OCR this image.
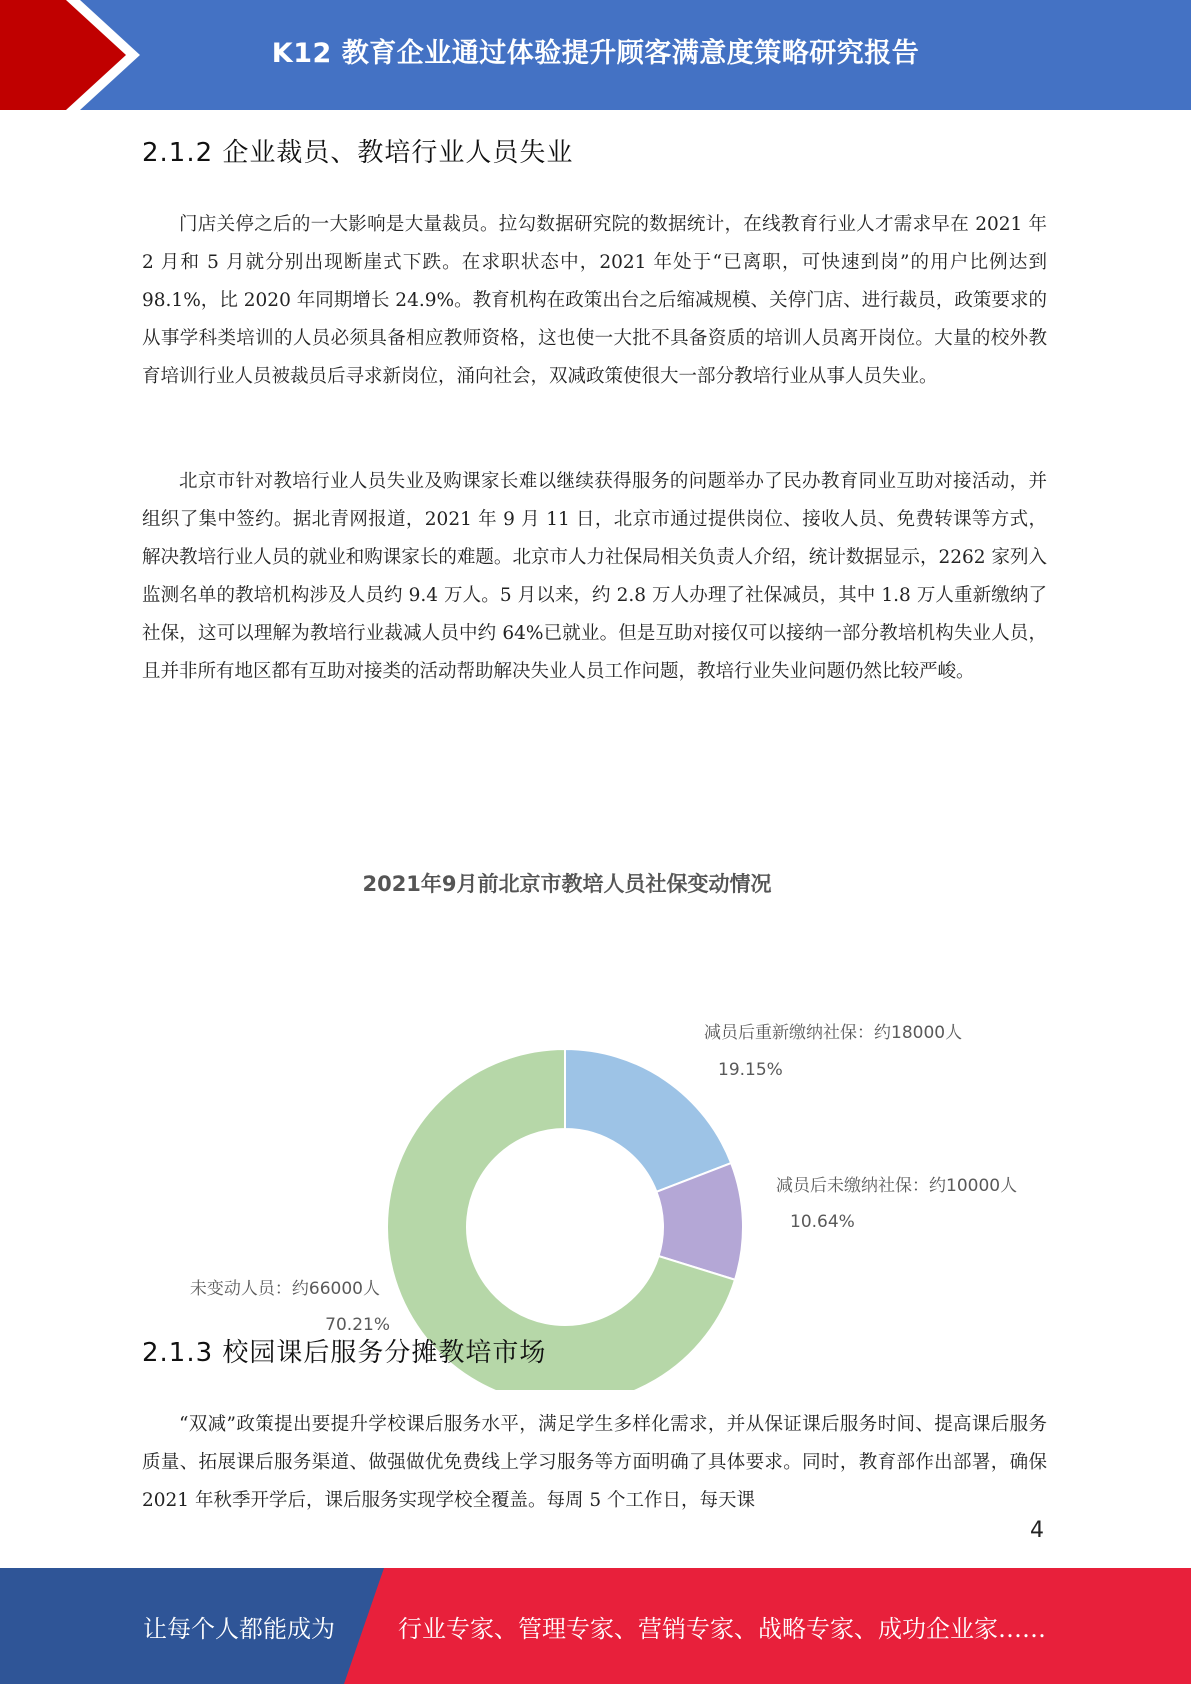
K12 教育企业通过体验提升顾客满意度策略研究报告
2.1.2 企业裁员、教培行业人员失业

门店关停之后的一大影响是大量裁员。拉勾数据研究院的数据统计，在线教育行业人才需求早在 2021 年 2 月和 5 月就分别出现断崖式下跌。在求职状态中，2021 年处于“已离职，可快速到岗”的用户比例达到 98.1%，比 2020 年同期增长 24.9%。教育机构在政策出台之后缩减规模、关停门店、进行裁员，政策要求的从事学科类培训的人员必须具备相应教师资格，这也使一大批不具备资质的培训人员离开岗位。大量的校外教育培训行业人员被裁员后寻求新岗位，涌向社会，双减政策使很大一部分教培行业从事人员失业。

北京市针对教培行业人员失业及购课家长难以继续获得服务的问题举办了民办教育同业互助对接活动，并组织了集中签约。据北青网报道，2021 年 9 月 11 日，北京市通过提供岗位、接收人员、免费转课等方式，解决教培行业人员的就业和购课家长的难题。北京市人力社保局相关负责人介绍，统计数据显示，2262 家列入监测名单的教培机构涉及人员约 9.4 万人。5 月以来，约 2.8 万人办理了社保减员，其中 1.8 万人重新缴纳了社保，这可以理解为教培行业裁减人员中约 64%已就业。但是互助对接仅可以接纳一部分教培机构失业人员，且并非所有地区都有互助对接类的活动帮助解决失业人员工作问题，教培行业失业问题仍然比较严峻。

2021年9月前北京市教培人员社保变动情况
减员后重新缴纳社保：约18000人
19.15%
减员后未缴纳社保：约10000人
10.64%
未变动人员：约66000人
70.21%
2.1.3 校园课后服务分摊教培市场

“双减”政策提出要提升学校课后服务水平，满足学生多样化需求，并从保证课后服务时间、提高课后服务质量、拓展课后服务渠道、做强做优免费线上学习服务等方面明确了具体要求。同时，教育部作出部署，确保 2021 年秋季开学后，课后服务实现学校全覆盖。每周 5 个工作日，每天课

4
让每个人都能成为	行业专家、管理专家、营销专家、战略专家、成功企业家……
